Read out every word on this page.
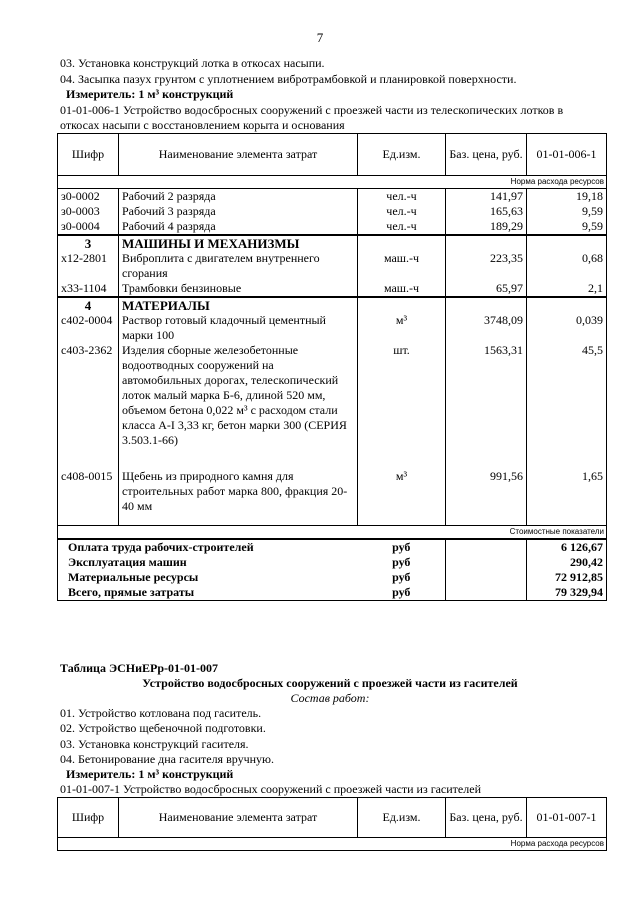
7
03. Установка конструкций лотка в откосах насыпи.
04. Засыпка пазух грунтом с уплотнением вибротрамбовкой и планировкой поверхности.
Измеритель: 1 м³ конструкций
01-01-006-1 Устройство водосбросных сооружений с проезжей части из телескопических лотков в
откосах насыпи с восстановлением корыта и основания
Шифр	Наименование элемента затрат	Ед.изм.	Баз. цена, руб.	01-01-006-1
Норма расхода ресурсов				
з0-0002	Рабочий 2 разряда	чел.-ч	141,97	19,18
з0-0003	Рабочий 3 разряда	чел.-ч	165,63	9,59
з0-0004	Рабочий 4 разряда	чел.-ч	189,29	9,59
3	МАШИНЫ И МЕХАНИЗМЫ			
х12-2801	Виброплита с двигателем внутреннего сгорания	маш.-ч	223,35	0,68
х33-1104	Трамбовки бензиновые	маш.-ч	65,97	2,1
4	МАТЕРИАЛЫ			
с402-0004	Раствор готовый кладочный цементный марки 100	м³	3748,09	0,039
с403-2362	Изделия сборные железобетонные водоотводных сооружений на автомобильных дорогах, телескопический лоток малый марка Б-6, длиной 520 мм, объемом бетона 0,022 м³ с расходом стали класса А-I 3,33 кг, бетон марки 300 (СЕРИЯ 3.503.1-66)	шт.	1563,31	45,5
с408-0015	Щебень из природного камня для строительных работ марка 800, фракция 20-40 мм	м³	991,56	1,65
Стоимостные показатели				
Оплата труда рабочих-строителей		руб		6 126,67
Эксплуатация машин		руб		290,42
Материальные ресурсы		руб		72 912,85
Всего, прямые затраты		руб		79 329,94
Таблица ЭСНиЕРр-01-01-007
Устройство водосбросных сооружений с проезжей части из гасителей
Состав работ:
01. Устройство котлована под гаситель.
02. Устройство щебеночной подготовки.
03. Установка конструкций гасителя.
04. Бетонирование дна гасителя вручную.
Измеритель: 1 м³ конструкций
01-01-007-1 Устройство водосбросных сооружений с проезжей части из гасителей
Шифр	Наименование элемента затрат	Ед.изм.	Баз. цена, руб.	01-01-007-1
Норма расхода ресурсов
